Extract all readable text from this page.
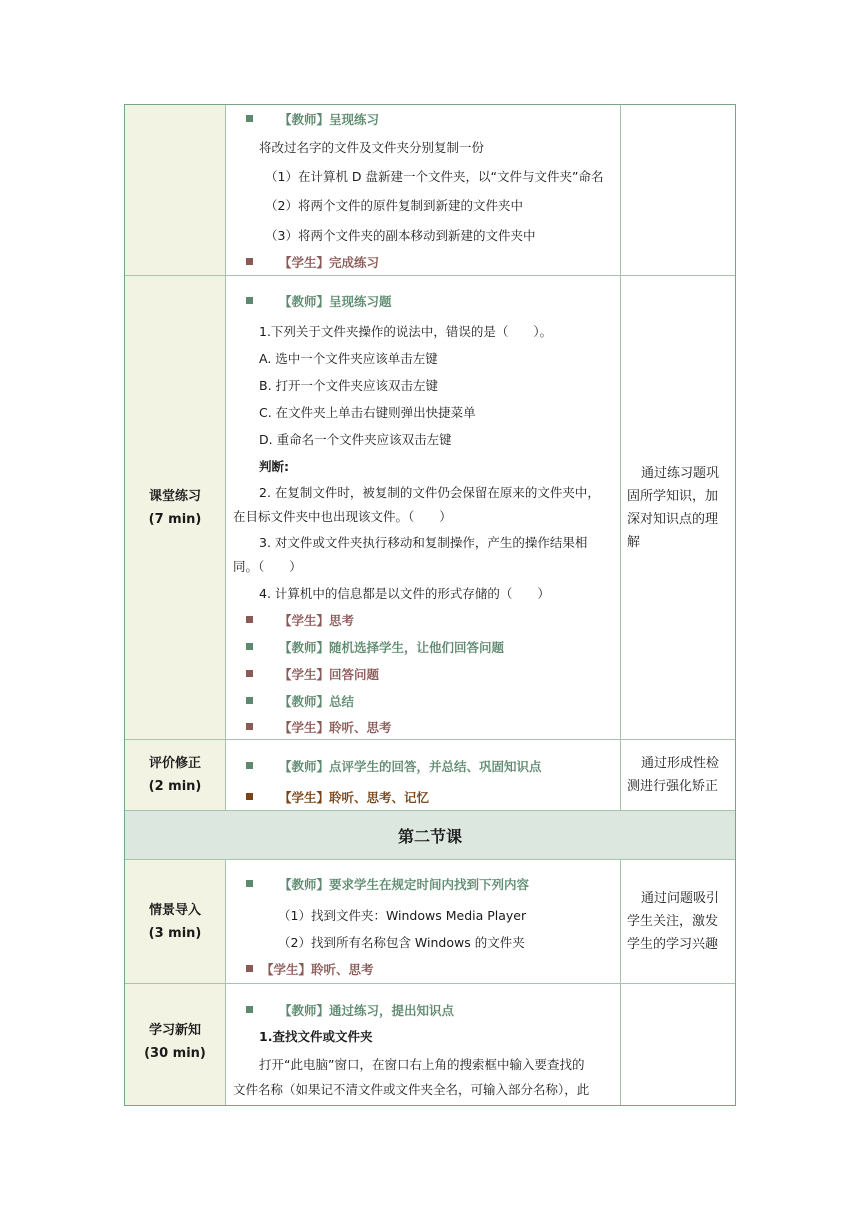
【教师】呈现练习
将改过名字的文件及文件夹分别复制一份
（1）在计算机 D 盘新建一个文件夹，以“文件与文件夹”命名
（2）将两个文件的原件复制到新建的文件夹中
（3）将两个文件夹的副本移动到新建的文件夹中
【学生】完成练习
课堂练习
(7 min)
【教师】呈现练习题
1.下列关于文件夹操作的说法中，错误的是（　　）。
A. 选中一个文件夹应该单击左键
B. 打开一个文件夹应该双击左键
C. 在文件夹上单击右键则弹出快捷菜单
D. 重命名一个文件夹应该双击左键
判断:
2. 在复制文件时，被复制的文件仍会保留在原来的文件夹中，
在目标文件夹中也出现该文件。（　　）
3. 对文件或文件夹执行移动和复制操作，产生的操作结果相
同。（　　）
4. 计算机中的信息都是以文件的形式存储的（　　）
【学生】思考
【教师】随机选择学生，让他们回答问题
【学生】回答问题
【教师】总结
【学生】聆听、思考
通过练习题巩固所学知识，加深对知识点的理解
评价修正
(2 min)
【教师】点评学生的回答，并总结、巩固知识点
【学生】聆听、思考、记忆
通过形成性检测进行强化矫正
第二节课
情景导入
(3 min)
【教师】要求学生在规定时间内找到下列内容
（1）找到文件夹：Windows Media Player
（2）找到所有名称包含 Windows 的文件夹
【学生】聆听、思考
通过问题吸引学生关注，激发学生的学习兴趣
学习新知
(30 min)
【教师】通过练习，提出知识点
1.查找文件或文件夹
打开“此电脑”窗口，在窗口右上角的搜索框中输入要查找的
文件名称（如果记不清文件或文件夹全名，可输入部分名称），此
